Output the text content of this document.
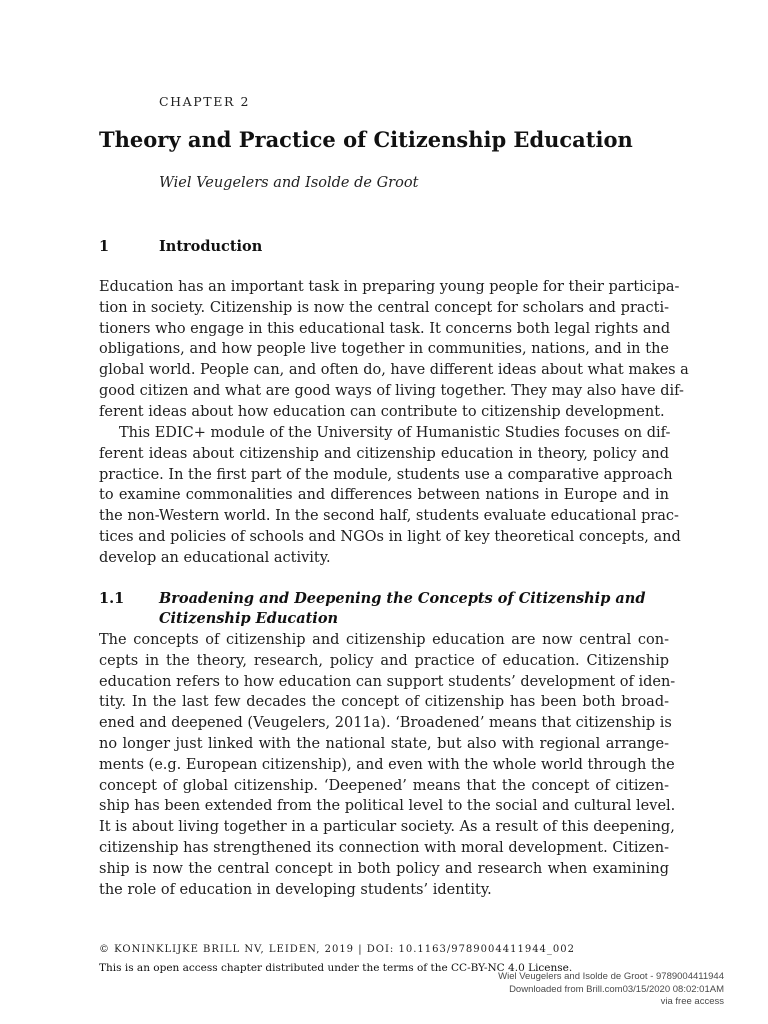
CHAPTER 2
Theory and Practice of Citizenship Education
Wiel Veugelers and Isolde de Groot
1	Introduction
Education has an important task in preparing young people for their participa-
tion in society. Citizenship is now the central concept for scholars and practi-
tioners who engage in this educational task. It concerns both legal rights and
obligations, and how people live together in communities, nations, and in the
global world. People can, and often do, have different ideas about what makes a
good citizen and what are good ways of living together. They may also have dif-
ferent ideas about how education can contribute to citizenship development.
This EDIC+ module of the University of Humanistic Studies focuses on dif-
ferent ideas about citizenship and citizenship education in theory, policy and
practice. In the first part of the module, students use a comparative approach
to examine commonalities and differences between nations in Europe and in
the non-Western world. In the second half, students evaluate educational prac-
tices and policies of schools and NGOs in light of key theoretical concepts, and
develop an educational activity.
1.1 Broadening and Deepening the Concepts of Citizenship and
Citizenship Education
The concepts of citizenship and citizenship education are now central con-
cepts in the theory, research, policy and practice of education. Citizenship
education refers to how education can support students’ development of iden-
tity. In the last few decades the concept of citizenship has been both broad-
ened and deepened (Veugelers, 2011a). ‘Broadened’ means that citizenship is
no longer just linked with the national state, but also with regional arrange-
ments (e.g. European citizenship), and even with the whole world through the
concept of global citizenship. ‘Deepened’ means that the concept of citizen-
ship has been extended from the political level to the social and cultural level.
It is about living together in a particular society. As a result of this deepening,
citizenship has strengthened its connection with moral development. Citizen-
ship is now the central concept in both policy and research when examining
the role of education in developing students’ identity.
© KONINKLIJKE BRILL NV, LEIDEN, 2019 | DOI: 10.1163/9789004411944_002
This is an open access chapter distributed under the terms of the CC-BY-NC 4.0 License.
Wiel Veugelers and Isolde de Groot - 9789004411944
Downloaded from Brill.com03/15/2020 08:02:01AM
via free access
